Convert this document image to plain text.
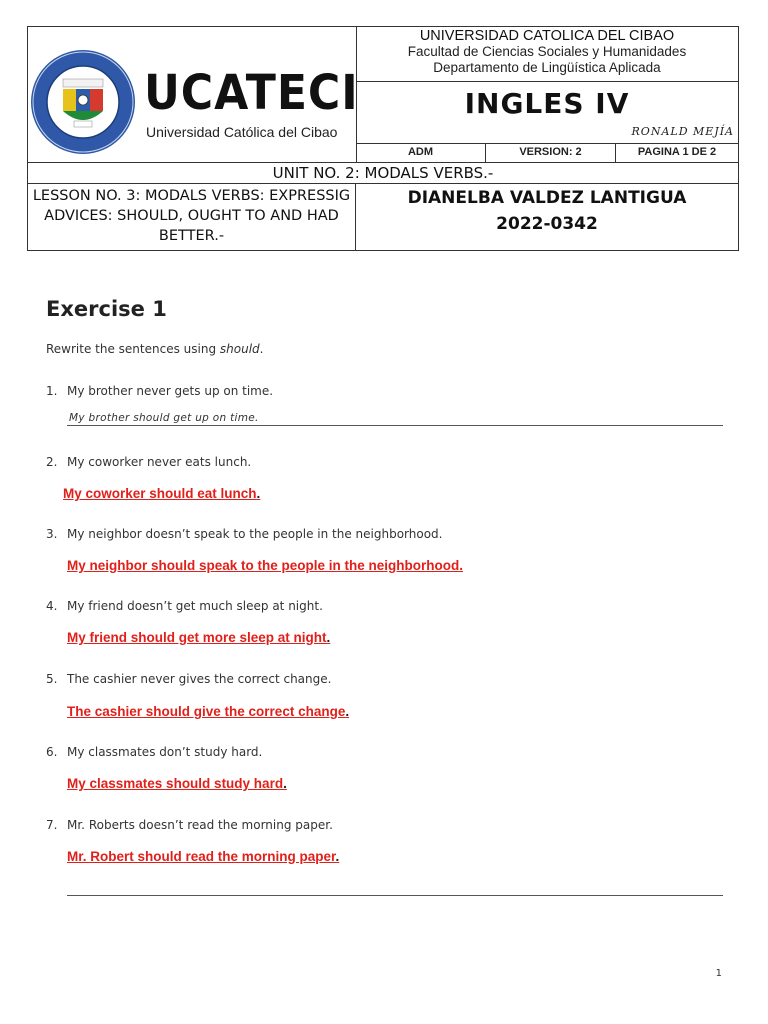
UCATECI
Universidad Católica del Cibao
UNIVERSIDAD CATOLICA DEL CIBAO
Facultad de Ciencias Sociales y Humanidades
Departamento de Lingüística Aplicada
INGLES IV
RONALD MEJÍA
ADM	VERSION: 2	PAGINA 1 DE 2
UNIT NO. 2: MODALS VERBS.-
LESSON NO. 3: MODALS VERBS: EXPRESSIG ADVICES: SHOULD, OUGHT TO AND HAD BETTER.-
DIANELBA VALDEZ LANTIGUA
2022-0342
Exercise 1
Rewrite the sentences using should.
1. My brother never gets up on time.
My brother should get up on time.
2. My coworker never eats lunch.
My coworker should eat lunch.
3. My neighbor doesn’t speak to the people in the neighborhood.
My neighbor should speak to the people in the neighborhood.
4. My friend doesn’t get much sleep at night.
My friend should get more sleep at night.
5. The cashier never gives the correct change.
The cashier should give the correct change.
6. My classmates don’t study hard.
My classmates should study hard.
7. Mr. Roberts doesn’t read the morning paper.
Mr. Robert should read the morning paper.
1
